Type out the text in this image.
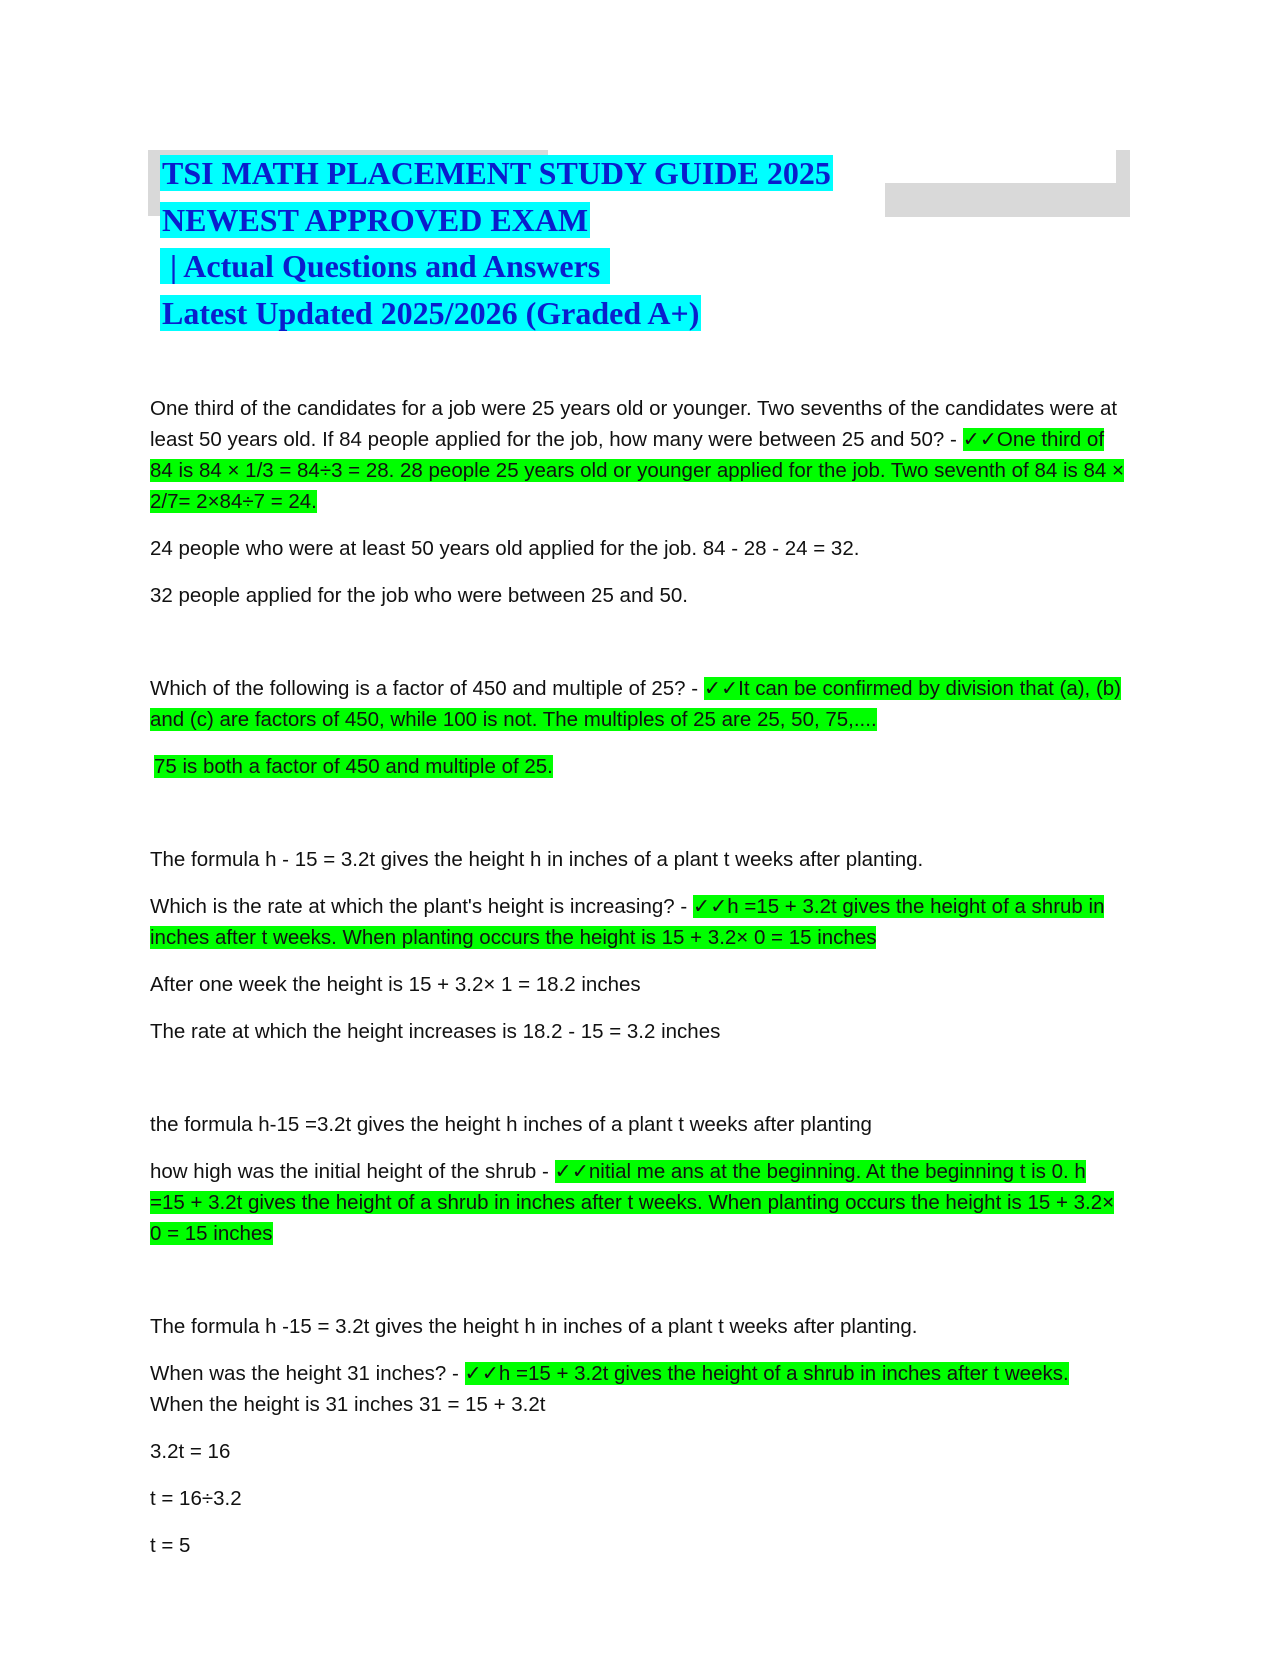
TSI MATH PLACEMENT STUDY GUIDE 2025
NEWEST APPROVED EXAM
| Actual Questions and Answers
Latest Updated 2025/2026 (Graded A+)

One third of the candidates for a job were 25 years old or younger. Two sevenths of the candidates were at least 50 years old. If 84 people applied for the job, how many were between 25 and 50? - ✓✓One third of 84 is 84 × 1/3 = 84÷3 = 28. 28 people 25 years old or younger applied for the job. Two seventh of 84 is 84 × 2/7= 2×84÷7 = 24.

24 people who were at least 50 years old applied for the job. 84 - 28 - 24 = 32.

32 people applied for the job who were between 25 and 50.

Which of the following is a factor of 450 and multiple of 25? - ✓✓It can be confirmed by division that (a), (b) and (c) are factors of 450, while 100 is not. The multiples of 25 are 25, 50, 75,....

75 is both a factor of 450 and multiple of 25.

The formula h - 15 = 3.2t gives the height h in inches of a plant t weeks after planting.

Which is the rate at which the plant's height is increasing? - ✓✓h =15 + 3.2t gives the height of a shrub in inches after t weeks. When planting occurs the height is 15 + 3.2× 0 = 15 inches

After one week the height is 15 + 3.2× 1 = 18.2 inches

The rate at which the height increases is 18.2 - 15 = 3.2 inches

the formula h-15 =3.2t gives the height h inches of a plant t weeks after planting

how high was the initial height of the shrub - ✓✓nitial me ans at the beginning. At the beginning t is 0. h =15 + 3.2t gives the height of a shrub in inches after t weeks. When planting occurs the height is 15 + 3.2× 0 = 15 inches

The formula h -15 = 3.2t gives the height h in inches of a plant t weeks after planting.

When was the height 31 inches? - ✓✓h =15 + 3.2t gives the height of a shrub in inches after t weeks. When the height is 31 inches 31 = 15 + 3.2t

3.2t = 16

t = 16÷3.2

t = 5
